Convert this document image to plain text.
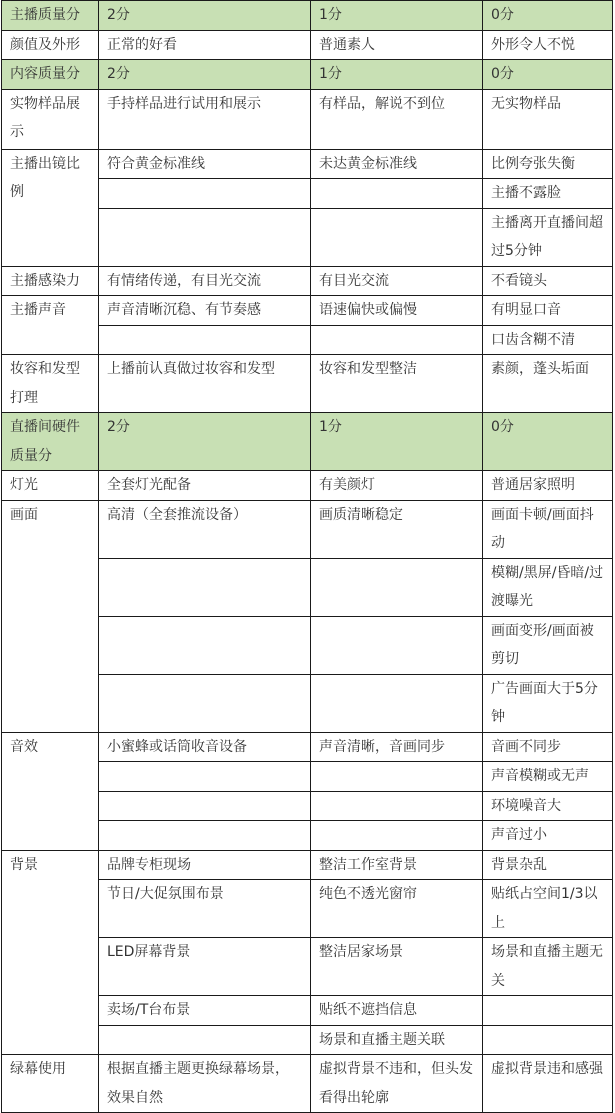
主播质量分	2分	1分	0分
颜值及外形	正常的好看	普通素人	外形令人不悦
内容质量分	2分	1分	0分
实物样品展示	手持样品进行试用和展示	有样品，解说不到位	无实物样品
主播出镜比例	符合黄金标准线	未达黄金标准线	比例夸张失衡
			主播不露脸
			主播离开直播间超过5分钟
主播感染力	有情绪传递，有目光交流	有目光交流	不看镜头
主播声音	声音清晰沉稳、有节奏感	语速偏快或偏慢	有明显口音
			口齿含糊不清
妆容和发型打理	上播前认真做过妆容和发型	妆容和发型整洁	素颜，蓬头垢面
直播间硬件质量分	2分	1分	0分
灯光	全套灯光配备	有美颜灯	普通居家照明
画面	高清（全套推流设备）	画质清晰稳定	画面卡顿/画面抖动
			模糊/黑屏/昏暗/过渡曝光
			画面变形/画面被剪切
			广告画面大于5分钟
音效	小蜜蜂或话筒收音设备	声音清晰，音画同步	音画不同步
			声音模糊或无声
			环境噪音大
			声音过小
背景	品牌专柜现场	整洁工作室背景	背景杂乱
	节日/大促氛围布景	纯色不透光窗帘	贴纸占空间1/3以上
	LED屏幕背景	整洁居家场景	场景和直播主题无关
	卖场/T台布景	贴纸不遮挡信息	
		场景和直播主题关联	
绿幕使用	根据直播主题更换绿幕场景，效果自然	虚拟背景不违和，但头发看得出轮廓	虚拟背景违和感强
